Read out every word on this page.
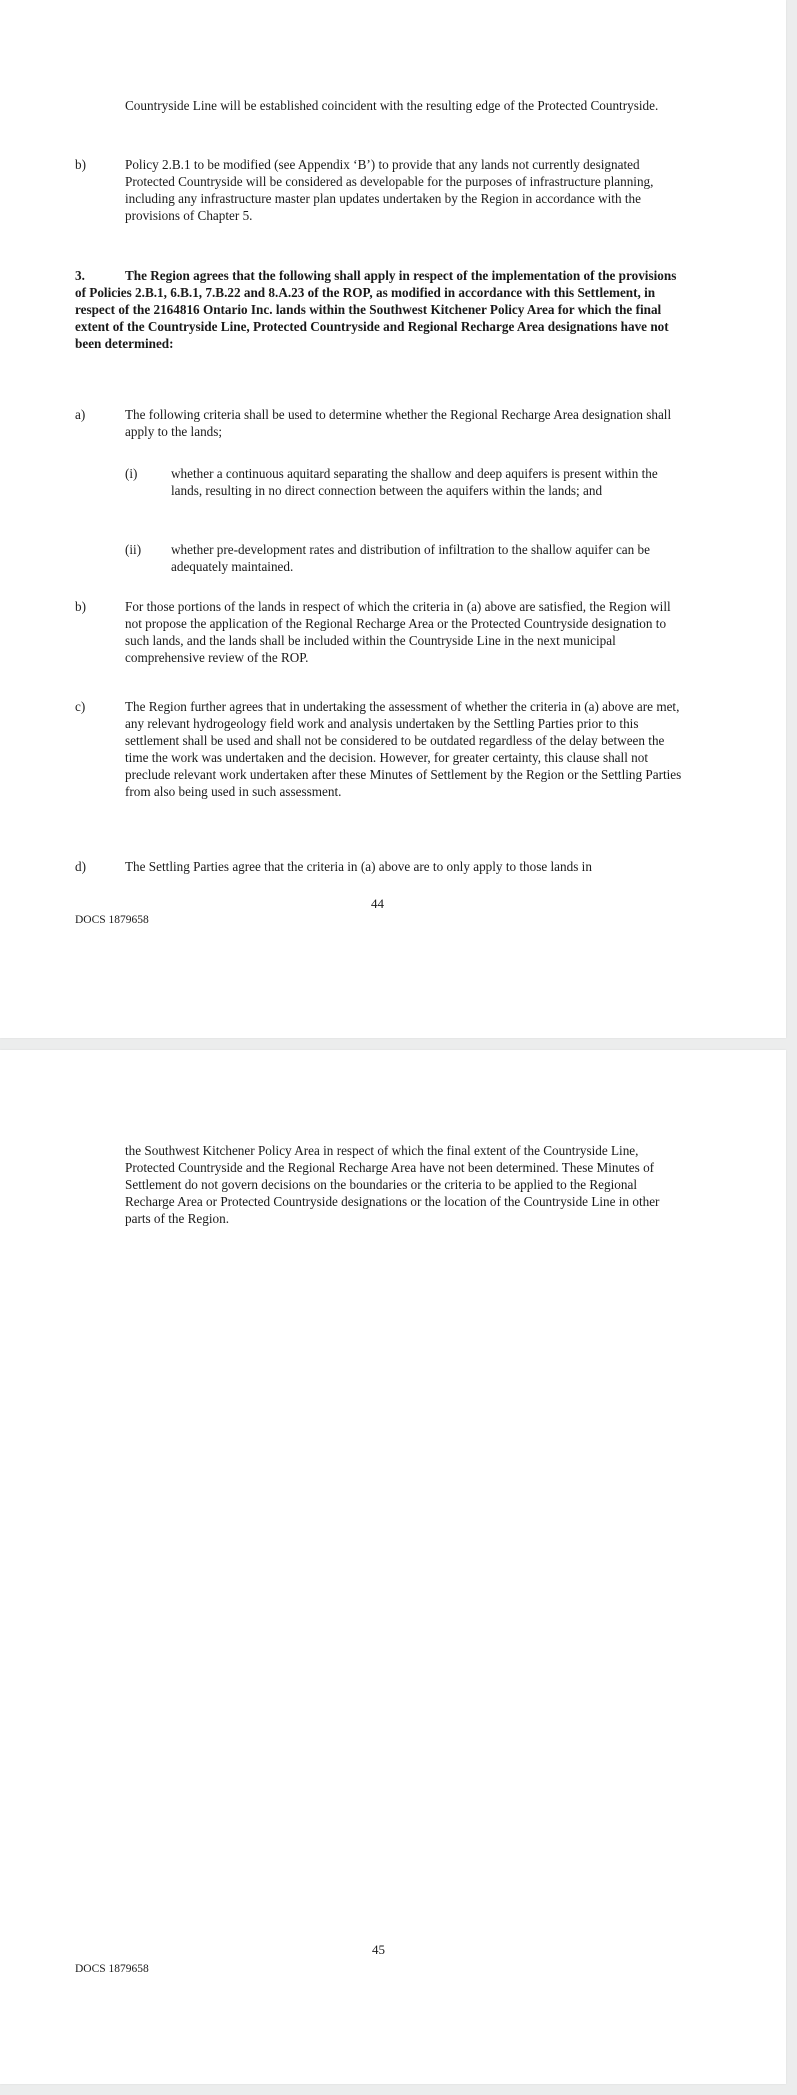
Countryside Line will be established coincident with the resulting edge of the Protected Countryside.

b)	Policy 2.B.1 to be modified (see Appendix ‘B’) to provide that any lands not currently designated Protected Countryside will be considered as developable for the purposes of infrastructure planning, including any infrastructure master plan updates undertaken by the Region in accordance with the provisions of Chapter 5.

3.	The Region agrees that the following shall apply in respect of the implementation of the provisions of Policies 2.B.1, 6.B.1, 7.B.22 and 8.A.23 of the ROP, as modified in accordance with this Settlement, in respect of the 2164816 Ontario Inc. lands within the Southwest Kitchener Policy Area for which the final extent of the Countryside Line, Protected Countryside and Regional Recharge Area designations have not been determined:
a)	The following criteria shall be used to determine whether the Regional Recharge Area designation shall apply to the lands;

(i)	whether a continuous aquitard separating the shallow and deep aquifers is present within the lands, resulting in no direct connection between the aquifers within the lands; and

(ii) whether pre-development rates and distribution of infiltration to the shallow aquifer can be adequately maintained.

b)	For those portions of the lands in respect of which the criteria in (a) above are satisfied, the Region will not propose the application of the Regional Recharge Area or the Protected Countryside designation to such lands, and the lands shall be included within the Countryside Line in the next municipal comprehensive review of the ROP.

c)	The Region further agrees that in undertaking the assessment of whether the criteria in (a) above are met, any relevant hydrogeology field work and analysis undertaken by the Settling Parties prior to this settlement shall be used and shall not be considered to be outdated regardless of the delay between the time the work was undertaken and the decision. However, for greater certainty, this clause shall not preclude relevant work undertaken after these Minutes of Settlement by the Region or the Settling Parties from also being used in such assessment.

d)	The Settling Parties agree that the criteria in (a) above are to only apply to those lands in

44
DOCS 1879658

the Southwest Kitchener Policy Area in respect of which the final extent of the Countryside Line, Protected Countryside and the Regional Recharge Area have not been determined. These Minutes of Settlement do not govern decisions on the boundaries or the criteria to be applied to the Regional Recharge Area or Protected Countryside designations or the location of the Countryside Line in other parts of the Region.

45
DOCS 1879658
